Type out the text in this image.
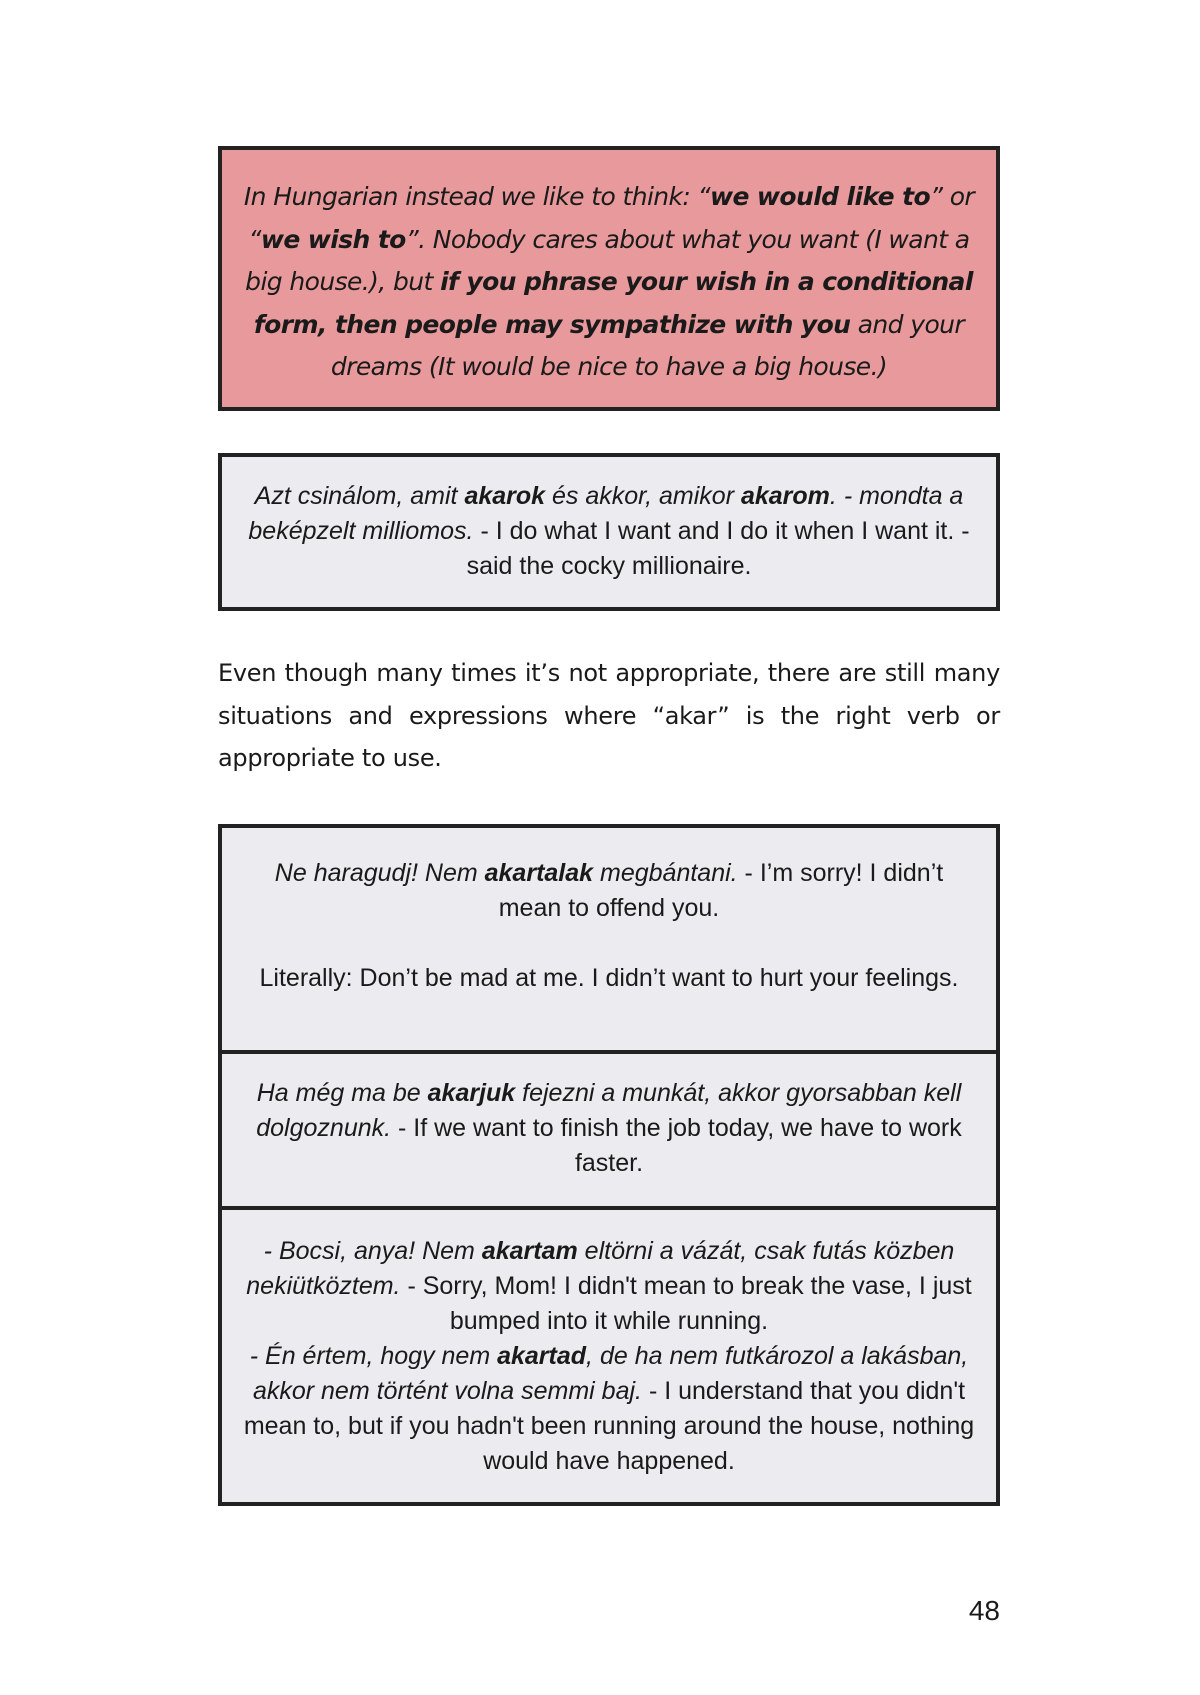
In Hungarian instead we like to think: “we would like to” or “we wish to”. Nobody cares about what you want (I want a big house.), but if you phrase your wish in a conditional form, then people may sympathize with you and your dreams (It would be nice to have a big house.)

Azt csinálom, amit akarok és akkor, amikor akarom. - mondta a beképzelt milliomos. - I do what I want and I do it when I want it. - said the cocky millionaire.

Even though many times it’s not appropriate, there are still many situations and expressions where “akar” is the right verb or appropriate to use.

Ne haragudj! Nem akartalak megbántani. - I’m sorry! I didn’t mean to offend you.

Literally: Don’t be mad at me. I didn’t want to hurt your feelings.

Ha még ma be akarjuk fejezni a munkát, akkor gyorsabban kell dolgoznunk. - If we want to finish the job today, we have to work faster.

- Bocsi, anya! Nem akartam eltörni a vázát, csak futás közben nekiütköztem. - Sorry, Mom! I didn't mean to break the vase, I just bumped into it while running.

- Én értem, hogy nem akartad, de ha nem futkározol a lakásban, akkor nem történt volna semmi baj. - I understand that you didn't mean to, but if you hadn't been running around the house, nothing would have happened.

48
